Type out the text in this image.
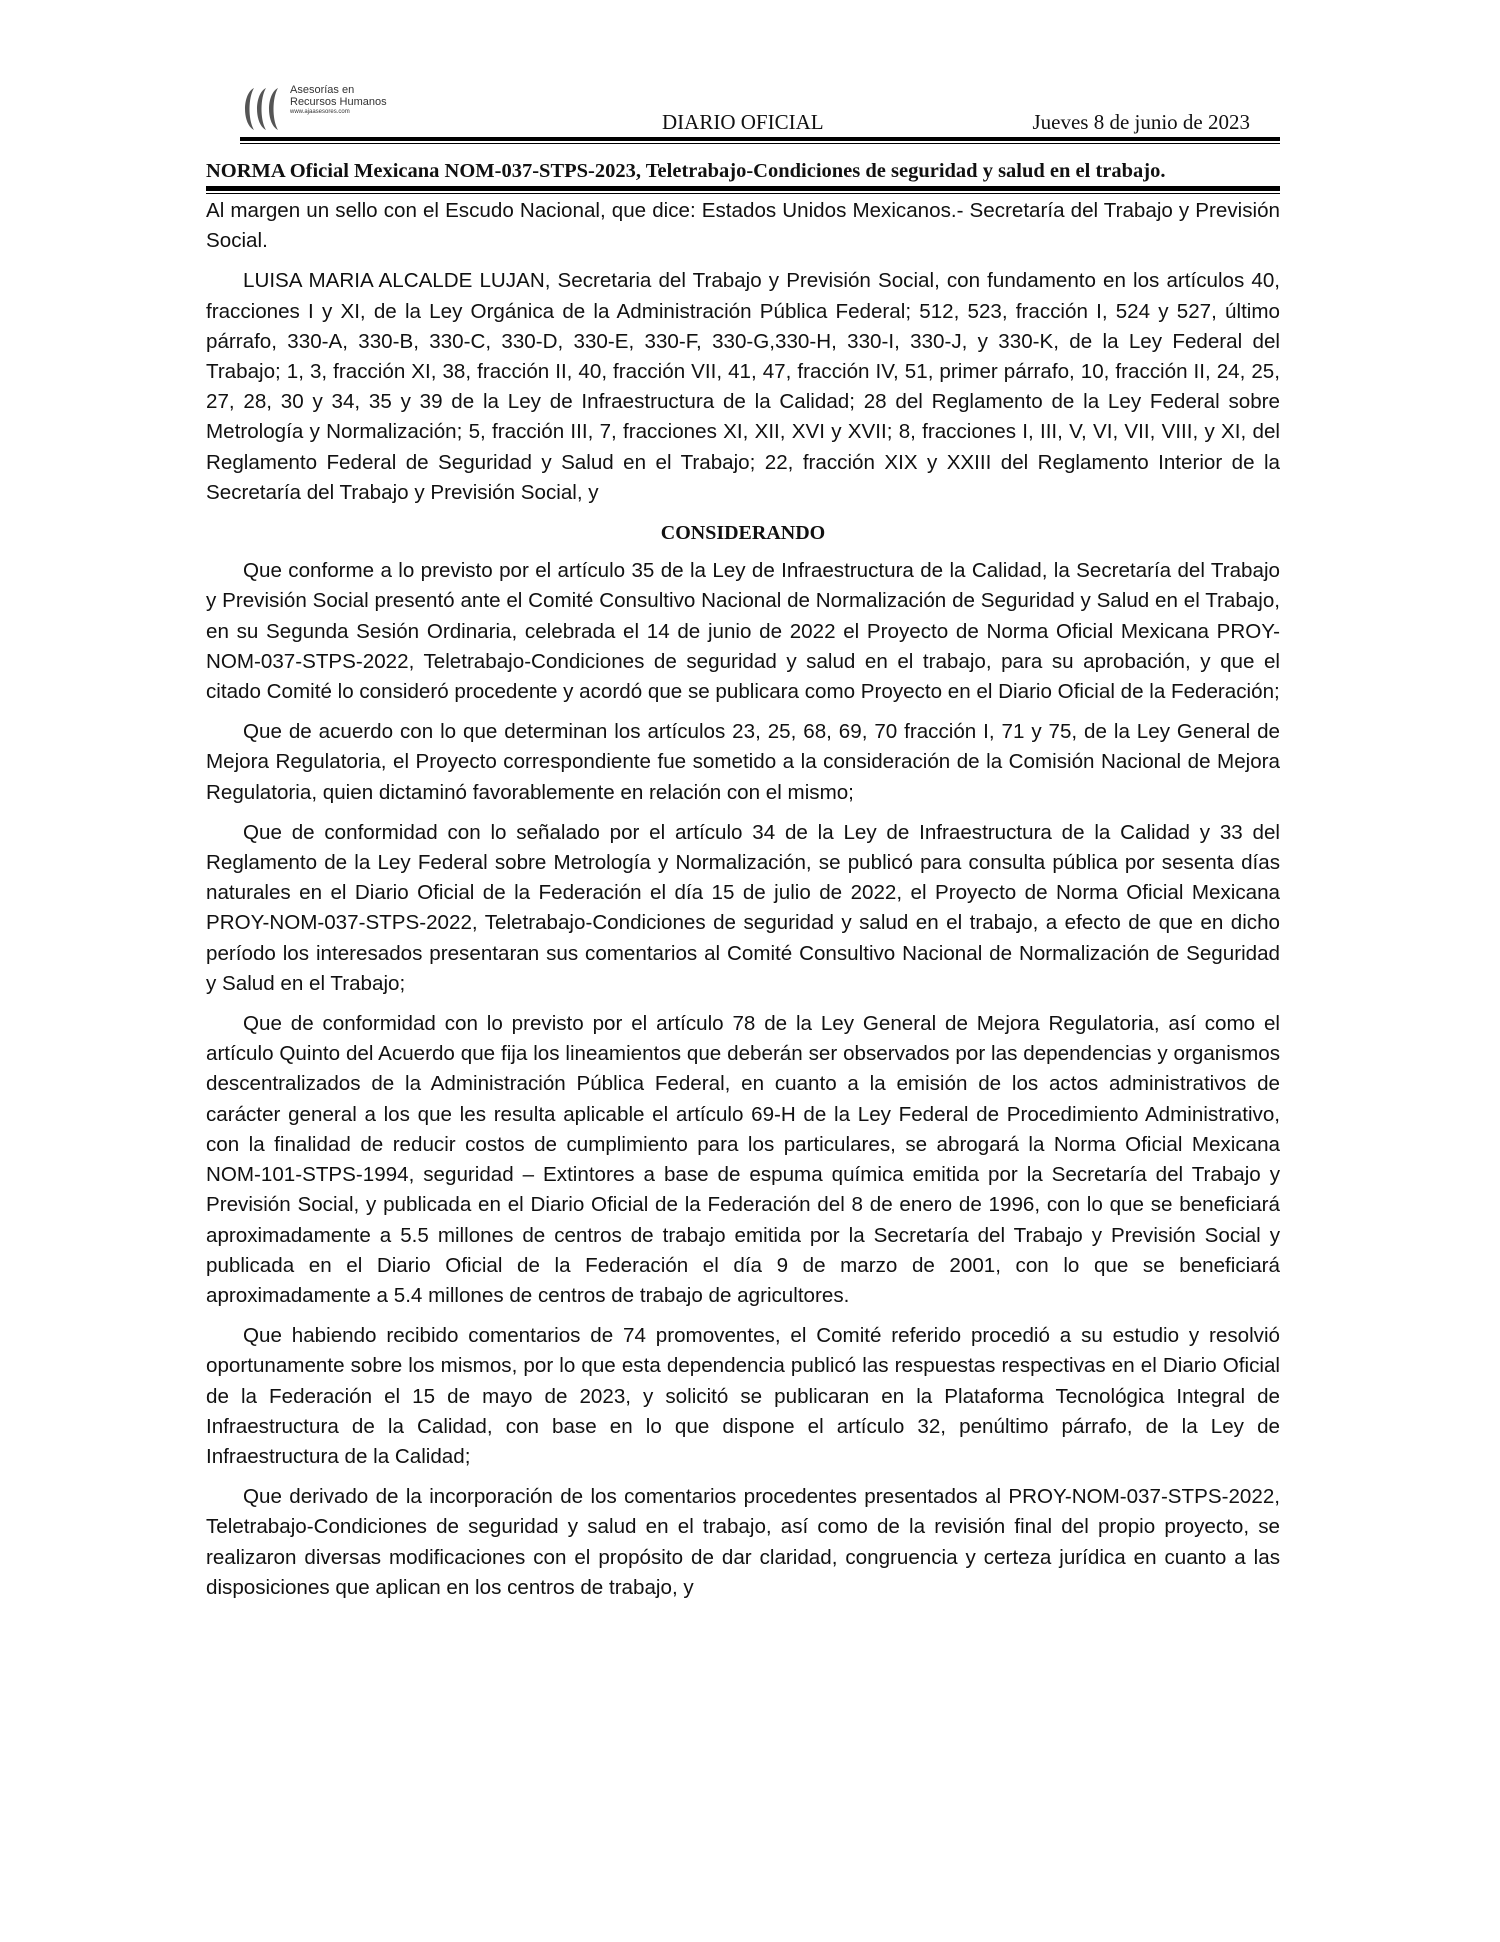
Asesorías en
Recursos Humanos
www.ajaasesores.com	DIARIO OFICIAL	Jueves 8 de junio de 2023
NORMA Oficial Mexicana NOM-037-STPS-2023, Teletrabajo-Condiciones de seguridad y salud en el trabajo.

Al margen un sello con el Escudo Nacional, que dice: Estados Unidos Mexicanos.- Secretaría del Trabajo y Previsión Social.

LUISA MARIA ALCALDE LUJAN, Secretaria del Trabajo y Previsión Social, con fundamento en los artículos 40, fracciones I y XI, de la Ley Orgánica de la Administración Pública Federal; 512, 523, fracción I, 524 y 527, último párrafo, 330-A, 330-B, 330-C, 330-D, 330-E, 330-F, 330-G,330-H, 330-I, 330-J, y 330-K, de la Ley Federal del Trabajo; 1, 3, fracción XI, 38, fracción II, 40, fracción VII, 41, 47, fracción IV, 51, primer párrafo, 10, fracción II, 24, 25, 27, 28, 30 y 34, 35 y 39 de la Ley de Infraestructura de la Calidad; 28 del Reglamento de la Ley Federal sobre Metrología y Normalización; 5, fracción III, 7, fracciones XI, XII, XVI y XVII; 8, fracciones I, III, V, VI, VII, VIII, y XI, del Reglamento Federal de Seguridad y Salud en el Trabajo; 22, fracción XIX y XXIII del Reglamento Interior de la Secretaría del Trabajo y Previsión Social, y

CONSIDERANDO

Que conforme a lo previsto por el artículo 35 de la Ley de Infraestructura de la Calidad, la Secretaría del Trabajo y Previsión Social presentó ante el Comité Consultivo Nacional de Normalización de Seguridad y Salud en el Trabajo, en su Segunda Sesión Ordinaria, celebrada el 14 de junio de 2022 el Proyecto de Norma Oficial Mexicana PROY-NOM-037-STPS-2022, Teletrabajo-Condiciones de seguridad y salud en el trabajo, para su aprobación, y que el citado Comité lo consideró procedente y acordó que se publicara como Proyecto en el Diario Oficial de la Federación;

Que de acuerdo con lo que determinan los artículos 23, 25, 68, 69, 70 fracción I, 71 y 75, de la Ley General de Mejora Regulatoria, el Proyecto correspondiente fue sometido a la consideración de la Comisión Nacional de Mejora Regulatoria, quien dictaminó favorablemente en relación con el mismo;

Que de conformidad con lo señalado por el artículo 34 de la Ley de Infraestructura de la Calidad y 33 del Reglamento de la Ley Federal sobre Metrología y Normalización, se publicó para consulta pública por sesenta días naturales en el Diario Oficial de la Federación el día 15 de julio de 2022, el Proyecto de Norma Oficial Mexicana PROY-NOM-037-STPS-2022, Teletrabajo-Condiciones de seguridad y salud en el trabajo, a efecto de que en dicho período los interesados presentaran sus comentarios al Comité Consultivo Nacional de Normalización de Seguridad y Salud en el Trabajo;

Que de conformidad con lo previsto por el artículo 78 de la Ley General de Mejora Regulatoria, así como el artículo Quinto del Acuerdo que fija los lineamientos que deberán ser observados por las dependencias y organismos descentralizados de la Administración Pública Federal, en cuanto a la emisión de los actos administrativos de carácter general a los que les resulta aplicable el artículo 69-H de la Ley Federal de Procedimiento Administrativo, con la finalidad de reducir costos de cumplimiento para los particulares, se abrogará la Norma Oficial Mexicana NOM-101-STPS-1994, seguridad – Extintores a base de espuma química emitida por la Secretaría del Trabajo y Previsión Social, y publicada en el Diario Oficial de la Federación del 8 de enero de 1996, con lo que se beneficiará aproximadamente a 5.5 millones de centros de trabajo emitida por la Secretaría del Trabajo y Previsión Social y publicada en el Diario Oficial de la Federación el día 9 de marzo de 2001, con lo que se beneficiará aproximadamente a 5.4 millones de centros de trabajo de agricultores.

Que habiendo recibido comentarios de 74 promoventes, el Comité referido procedió a su estudio y resolvió oportunamente sobre los mismos, por lo que esta dependencia publicó las respuestas respectivas en el Diario Oficial de la Federación el 15 de mayo de 2023, y solicitó se publicaran en la Plataforma Tecnológica Integral de Infraestructura de la Calidad, con base en lo que dispone el artículo 32, penúltimo párrafo, de la Ley de Infraestructura de la Calidad;

Que derivado de la incorporación de los comentarios procedentes presentados al PROY-NOM-037-STPS-2022, Teletrabajo-Condiciones de seguridad y salud en el trabajo, así como de la revisión final del propio proyecto, se realizaron diversas modificaciones con el propósito de dar claridad, congruencia y certeza jurídica en cuanto a las disposiciones que aplican en los centros de trabajo, y
